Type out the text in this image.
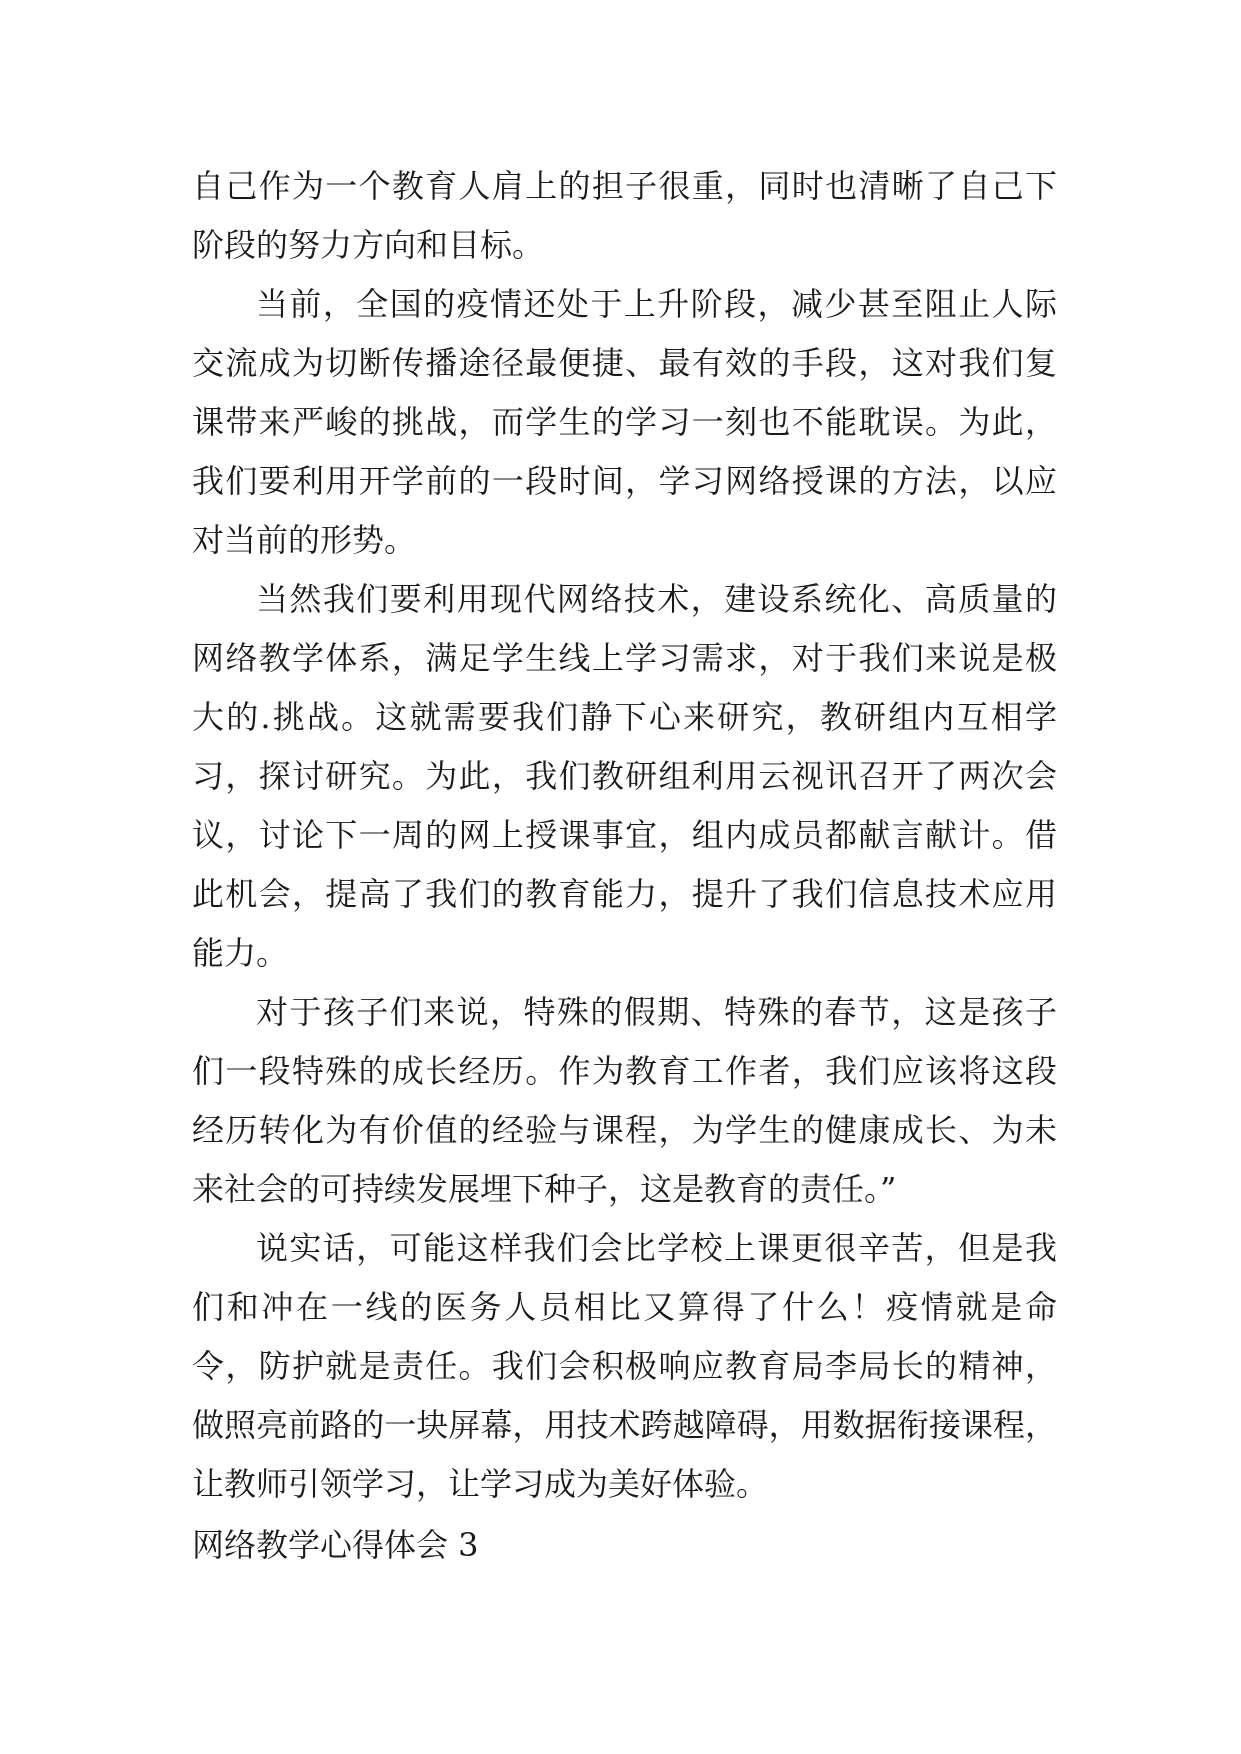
自己作为一个教育人肩上的担子很重，同时也清晰了自己下
阶段的努力方向和目标。
当前，全国的疫情还处于上升阶段，减少甚至阻止人际
交流成为切断传播途径最便捷、最有效的手段，这对我们复
课带来严峻的挑战，而学生的学习一刻也不能耽误。为此，
我们要利用开学前的一段时间，学习网络授课的方法，以应
对当前的形势。
当然我们要利用现代网络技术，建设系统化、高质量的
网络教学体系，满足学生线上学习需求，对于我们来说是极
大的.挑战。这就需要我们静下心来研究，教研组内互相学
习，探讨研究。为此，我们教研组利用云视讯召开了两次会
议，讨论下一周的网上授课事宜，组内成员都献言献计。借
此机会，提高了我们的教育能力，提升了我们信息技术应用
能力。
对于孩子们来说，特殊的假期、特殊的春节，这是孩子
们一段特殊的成长经历。作为教育工作者，我们应该将这段
经历转化为有价值的经验与课程，为学生的健康成长、为未
来社会的可持续发展埋下种子，这是教育的责任。”
说实话，可能这样我们会比学校上课更很辛苦，但是我
们和冲在一线的医务人员相比又算得了什么！疫情就是命
令，防护就是责任。我们会积极响应教育局李局长的精神，
做照亮前路的一块屏幕，用技术跨越障碍，用数据衔接课程，
让教师引领学习，让学习成为美好体验。
网络教学心得体会 3
